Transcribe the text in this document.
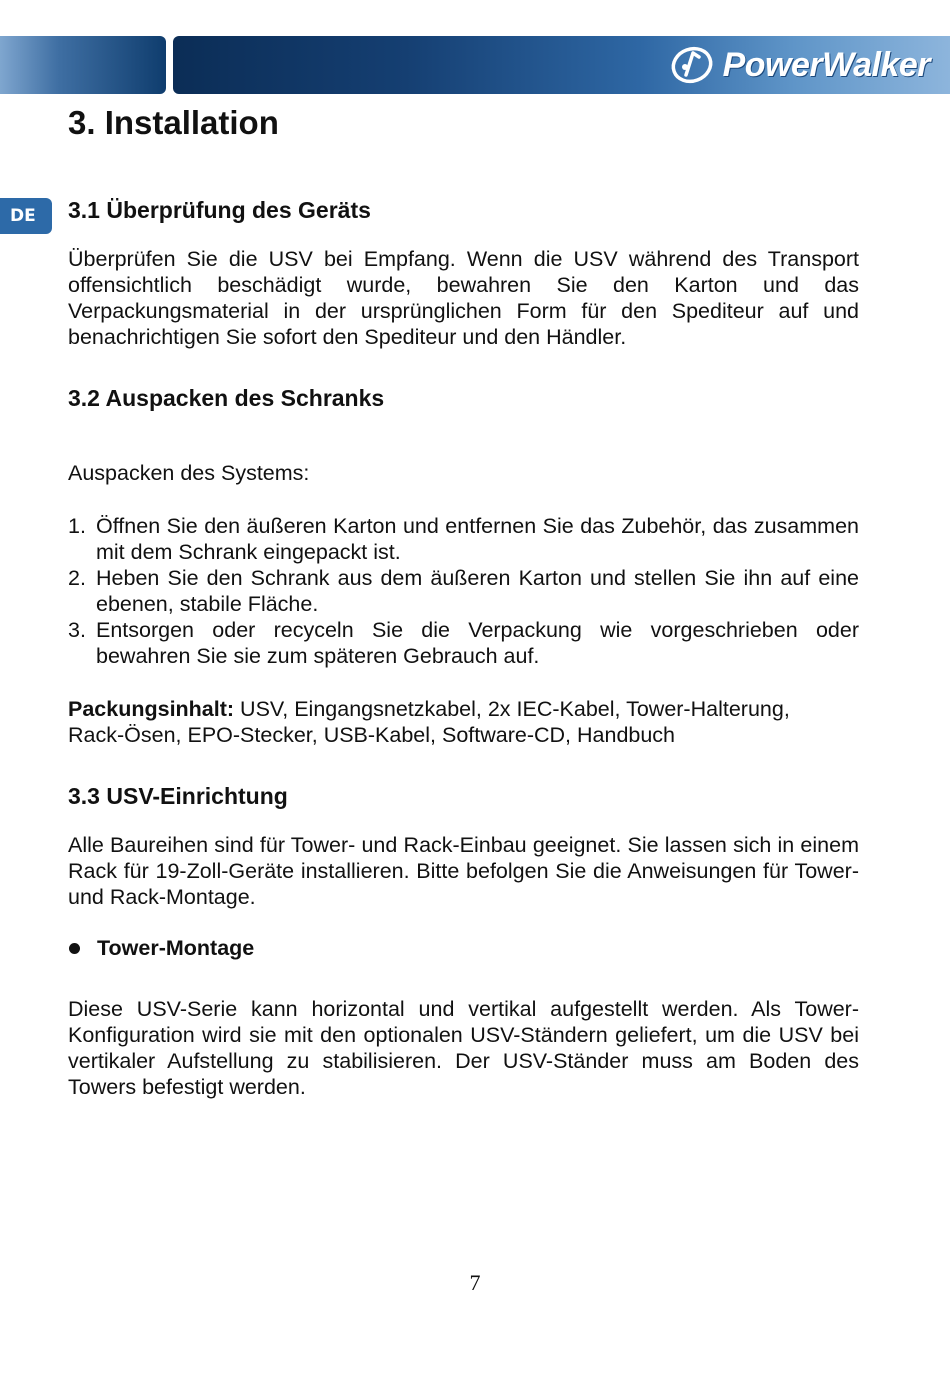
PowerWalker
DE
3. Installation
3.1 Überprüfung des Geräts

Überprüfen Sie die USV bei Empfang. Wenn die USV während des Transport offensichtlich beschädigt wurde, bewahren Sie den Karton und das Verpackungsmaterial in der ursprünglichen Form für den Spediteur auf und benachrichtigen Sie sofort den Spediteur und den Händler.

3.2 Auspacken des Schranks

Auspacken des Systems:

1. Öffnen Sie den äußeren Karton und entfernen Sie das Zubehör, das zusammen mit dem Schrank eingepackt ist.
2. Heben Sie den Schrank aus dem äußeren Karton und stellen Sie ihn auf eine ebenen, stabile Fläche.
3. Entsorgen oder recyceln Sie die Verpackung wie vorgeschrieben oder bewahren Sie sie zum späteren Gebrauch auf.
Packungsinhalt: USV, Eingangsnetzkabel, 2x IEC-Kabel, Tower-Halterung,
Rack-Ösen, EPO-Stecker, USB-Kabel, Software-CD, Handbuch
3.3 USV-Einrichtung

Alle Baureihen sind für Tower- und Rack-Einbau geeignet. Sie lassen sich in einem Rack für 19-Zoll-Geräte installieren. Bitte befolgen Sie die Anweisungen für Tower- und Rack-Montage.

Tower-Montage

Diese USV-Serie kann horizontal und vertikal aufgestellt werden. Als Tower-Konfiguration wird sie mit den optionalen USV-Ständern geliefert, um die USV bei vertikaler Aufstellung zu stabilisieren. Der USV-Ständer muss am Boden des Towers befestigt werden.

7
